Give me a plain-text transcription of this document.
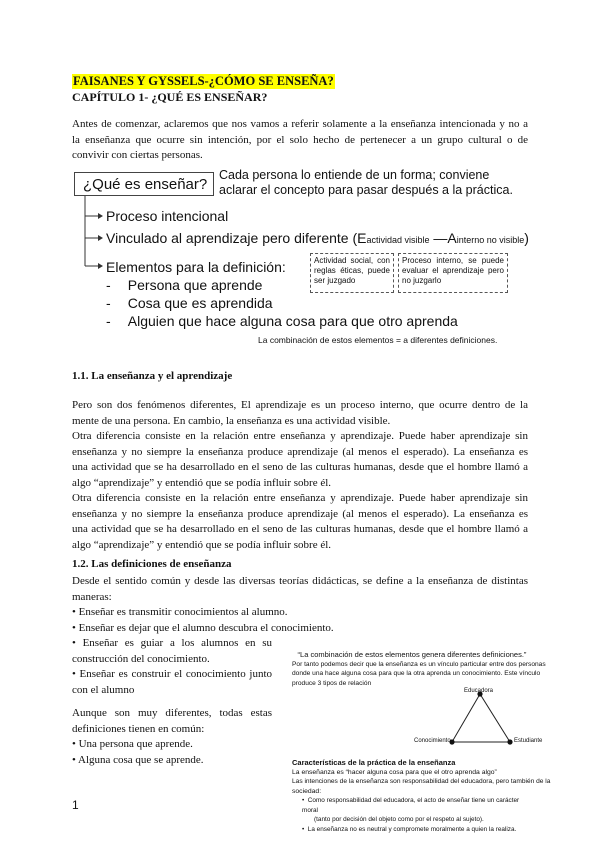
FAISANES Y GYSSELS-¿CÓMO SE ENSEÑA?
CAPÍTULO 1- ¿QUÉ ES ENSEÑAR?
Antes de comenzar, aclaremos que nos vamos a referir solamente a la enseñanza intencionada y no a
la enseñanza que ocurre sin intención, por el solo hecho de pertenecer a un grupo cultural o de
convivir con ciertas personas.
¿Qué es enseñar?
Cada persona lo entiende de un forma; conviene
aclarar el concepto para pasar después a la práctica.
Proceso intencional
Vinculado al aprendizaje pero diferente (Eactividad visible —Ainterno no visible)
Actividad social, con reglas éticas, puede ser juzgado
Proceso interno, se puede evaluar el aprendizaje pero no juzgarlo
Elementos para la definición:
- Persona que aprende
- Cosa que es aprendida
- Alguien que hace alguna cosa para que otro aprenda
La combinación de estos elementos = a diferentes definiciones.
1.1. La enseñanza y el aprendizaje
Pero son dos fenómenos diferentes, El aprendizaje es un proceso interno, que ocurre dentro de la
mente de una persona. En cambio, la enseñanza es una actividad visible.
Otra diferencia consiste en la relación entre enseñanza y aprendizaje. Puede haber aprendizaje sin
enseñanza y no siempre la enseñanza produce aprendizaje (al menos el esperado). La enseñanza es
una actividad que se ha desarrollado en el seno de las culturas humanas, desde que el hombre llamó a
algo “aprendizaje” y entendió que se podía influir sobre él.
Otra diferencia consiste en la relación entre enseñanza y aprendizaje. Puede haber aprendizaje sin
enseñanza y no siempre la enseñanza produce aprendizaje (al menos el esperado). La enseñanza es
una actividad que se ha desarrollado en el seno de las culturas humanas, desde que el hombre llamó a
algo “aprendizaje” y entendió que se podía influir sobre él.
1.2. Las definiciones de enseñanza
Desde el sentido común y desde las diversas teorías didácticas, se define a la enseñanza de distintas
maneras:
• Enseñar es transmitir conocimientos al alumno.
• Enseñar es dejar que el alumno descubra el conocimiento.
• Enseñar es guiar a los alumnos en su
construcción del conocimiento.
• Enseñar es construir el conocimiento junto
con el alumno
Aunque son muy diferentes, todas estas
definiciones tienen en común:
• Una persona que aprende.
• Alguna cosa que se aprende.
“La combinación de estos elementos genera diferentes definiciones.”
Por tanto podemos decir que la enseñanza es un vínculo particular entre dos personas
donde una hace alguna cosa para que la otra aprenda un conocimiento. Este vínculo
produce 3 tipos de relación
Educadora
Conocimiento	Estudiante
Características de la práctica de la enseñanza
La enseñanza es “hacer alguna cosa para que el otro aprenda algo”
Las intenciones de la enseñanza son responsabilidad del educadora, pero también de la
sociedad:
•  Como responsabilidad del educadora, el acto de enseñar tiene un carácter moral
(tanto por decisión del objeto como por el respeto al sujeto).
•  La enseñanza no es neutral y compromete moralmente a quien la realiza.
1
